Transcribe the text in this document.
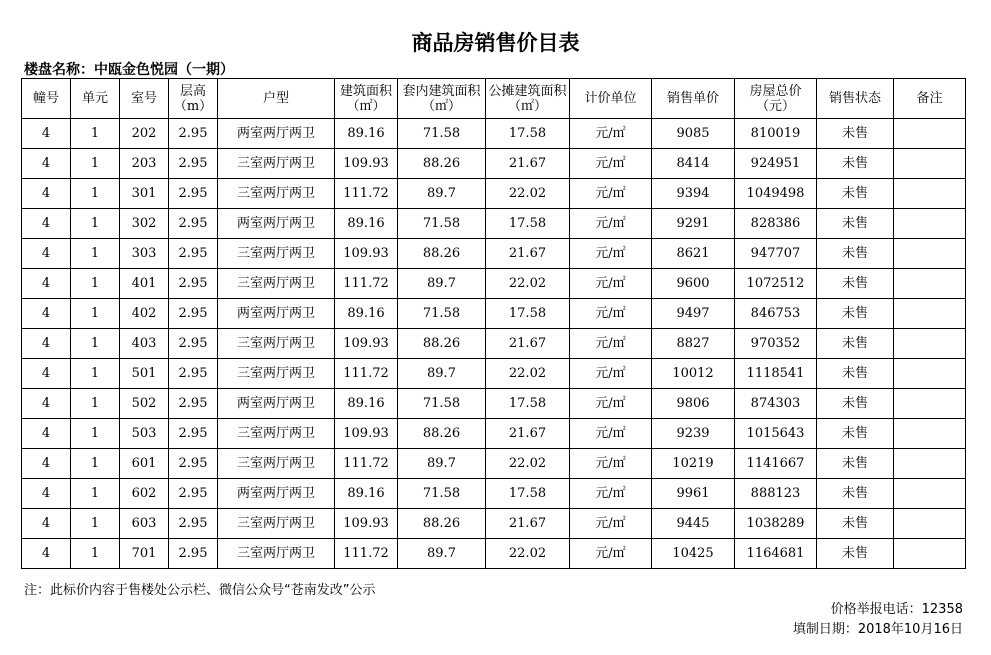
商品房销售价目表
楼盘名称：中瓯金色悦园（一期）
幢号	单元	室号	层高（m）	户型	建筑面积（㎡）	套内建筑面积（㎡）	公摊建筑面积（㎡）	计价单位	销售单价	房屋总价（元）	销售状态	备注
4	1	202	2.95	两室两厅两卫	89.16	71.58	17.58	元/㎡	9085	810019	未售	
4	1	203	2.95	三室两厅两卫	109.93	88.26	21.67	元/㎡	8414	924951	未售	
4	1	301	2.95	三室两厅两卫	111.72	89.7	22.02	元/㎡	9394	1049498	未售	
4	1	302	2.95	两室两厅两卫	89.16	71.58	17.58	元/㎡	9291	828386	未售	
4	1	303	2.95	三室两厅两卫	109.93	88.26	21.67	元/㎡	8621	947707	未售	
4	1	401	2.95	三室两厅两卫	111.72	89.7	22.02	元/㎡	9600	1072512	未售	
4	1	402	2.95	两室两厅两卫	89.16	71.58	17.58	元/㎡	9497	846753	未售	
4	1	403	2.95	三室两厅两卫	109.93	88.26	21.67	元/㎡	8827	970352	未售	
4	1	501	2.95	三室两厅两卫	111.72	89.7	22.02	元/㎡	10012	1118541	未售	
4	1	502	2.95	两室两厅两卫	89.16	71.58	17.58	元/㎡	9806	874303	未售	
4	1	503	2.95	三室两厅两卫	109.93	88.26	21.67	元/㎡	9239	1015643	未售	
4	1	601	2.95	三室两厅两卫	111.72	89.7	22.02	元/㎡	10219	1141667	未售	
4	1	602	2.95	两室两厅两卫	89.16	71.58	17.58	元/㎡	9961	888123	未售	
4	1	603	2.95	三室两厅两卫	109.93	88.26	21.67	元/㎡	9445	1038289	未售	
4	1	701	2.95	三室两厅两卫	111.72	89.7	22.02	元/㎡	10425	1164681	未售	
注：此标价内容于售楼处公示栏、微信公众号“苍南发改”公示
价格举报电话：12358
填制日期：2018年10月16日
